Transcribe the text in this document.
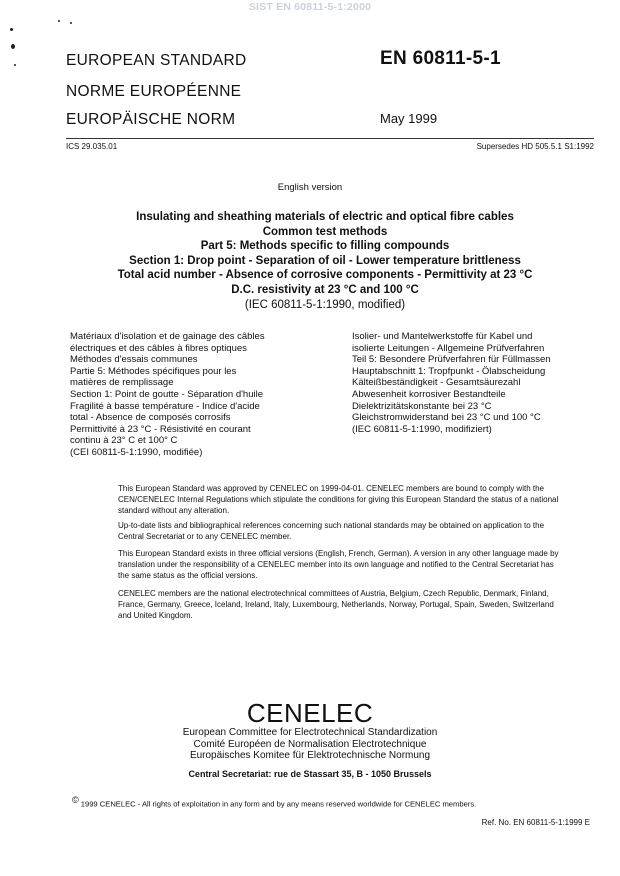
SIST EN 60811-5-1:2000
EUROPEAN STANDARD
NORME EUROPÉENNE
EUROPÄISCHE NORM
EN 60811-5-1
May 1999
ICS 29.035.01	Supersedes HD 505.5.1 S1:1992
English version
Insulating and sheathing materials of electric and optical fibre cables
Common test methods
Part 5: Methods specific to filling compounds
Section 1: Drop point - Separation of oil - Lower temperature brittleness
Total acid number - Absence of corrosive components - Permittivity at 23 °C
D.C. resistivity at 23 °C and 100 °C
(IEC 60811-5-1:1990, modified)
Matériaux d'isolation et de gainage des câbles
électriques et des câbles à fibres optiques
Méthodes d'essais communes
Partie 5: Méthodes spécifiques pour les
matières de remplissage
Section 1: Point de goutte - Séparation d'huile
Fragilité à basse température - Indice d'acide
total - Absence de composés corrosifs
Permittivité à 23 °C - Résistivité en courant
continu à 23° C et 100° C
(CEI 60811-5-1:1990, modifiée)
Isolier- und Mantelwerkstoffe für Kabel und
isolierte Leitungen - Allgemeine Prüfverfahren
Teil 5: Besondere Prüfverfahren für Füllmassen
Hauptabschnitt 1: Tropfpunkt - Ölabscheidung
Kälteißbeständigkeit - Gesamtsäurezahl
Abwesenheit korrosiver Bestandteile
Dielektrizitätskonstante bei 23 °C
Gleichstromwiderstand bei 23 °C und 100 °C
(IEC 60811-5-1:1990, modifiziert)
This European Standard was approved by CENELEC on 1999-04-01. CENELEC members are bound to comply with the CEN/CENELEC Internal Regulations which stipulate the conditions for giving this European Standard the status of a national standard without any alteration.
Up-to-date lists and bibliographical references concerning such national standards may be obtained on application to the Central Secretariat or to any CENELEC member.
This European Standard exists in three official versions (English, French, German). A version in any other language made by translation under the responsibility of a CENELEC member into its own language and notified to the Central Secretariat has the same status as the official versions.
CENELEC members are the national electrotechnical committees of Austria, Belgium, Czech Republic, Denmark, Finland, France, Germany, Greece, Iceland, Ireland, Italy, Luxembourg, Netherlands, Norway, Portugal, Spain, Sweden, Switzerland and United Kingdom.
CENELEC
European Committee for Electrotechnical Standardization
Comité Européen de Normalisation Electrotechnique
Europäisches Komitee für Elektrotechnische Normung
Central Secretariat: rue de Stassart 35, B - 1050 Brussels
© 1999 CENELEC - All rights of exploitation in any form and by any means reserved worldwide for CENELEC members.
Ref. No. EN 60811-5-1:1999 E
